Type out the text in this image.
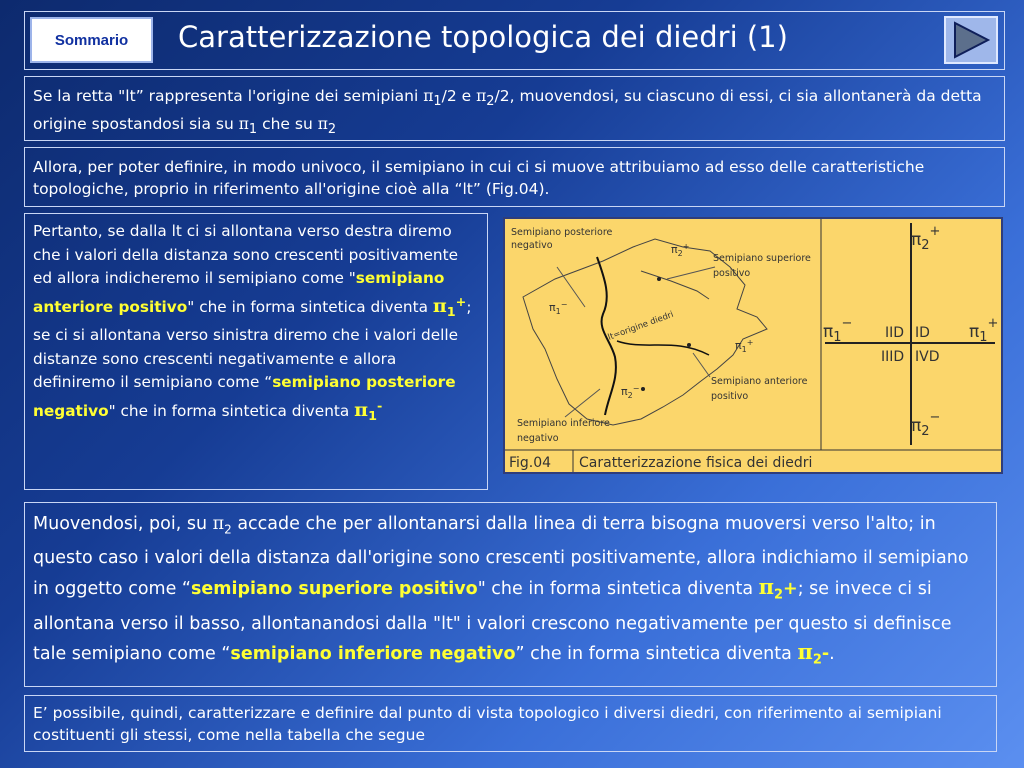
Sommario	Caratterizzazione topologica dei diedri (1)
Se la retta "lt” rappresenta l'origine dei semipiani $\pi_1/2$ e $\pi_2/2$, muovendosi, su ciascuno di essi, ci sia allontanerà da detta origine spostandosi sia su $\pi_1$ che su $\pi_2$
Allora, per poter definire, in modo univoco, il semipiano in cui ci si muove attribuiamo ad esso delle caratteristiche topologiche, proprio in riferimento all'origine cioè alla “lt” (Fig.04).
Pertanto, se dalla lt ci si allontana verso destra diremo che i valori della distanza sono crescenti positivamente ed allora indicheremo il semipiano come "semipiano anteriore positivo" che in forma sintetica diventa $\pi_1^+$; se ci si allontana verso sinistra diremo che i valori delle distanze sono crescenti negativamente e allora definiremo il semipiano come “semipiano posteriore negativo" che in forma sintetica diventa $\pi_1^-$
Semipiano posteriore
negativo
Semipiano superiore
positivo
Semipiano anteriore
positivo
Semipiano inferiore
negativo
lt=origine diedri
$\pi_2^+$
$\pi_1^-$
$\pi_1^+$
$\pi_2^-$
$\pi_2^+$
$\pi_1^-$	$\pi_1^+$
$\pi_2^-$
IID ID
IIID IVD
Fig.04 Caratterizzazione fisica dei diedri
Muovendosi, poi, su $\pi_2$ accade che per allontanarsi dalla linea di terra bisogna muoversi verso l'alto; in questo caso i valori della distanza dall'origine sono crescenti positivamente, allora indichiamo il semipiano in oggetto come “semipiano superiore positivo" che in forma sintetica diventa $\pi_2+$; se invece ci si allontana verso il basso, allontanandosi dalla "lt" i valori crescono negativamente per questo si definisce tale semipiano come “semipiano inferiore negativo” che in forma sintetica diventa $\pi_2-$.
E’ possibile, quindi, caratterizzare e definire dal punto di vista topologico i diversi diedri, con riferimento ai semipiani costituenti gli stessi, come nella tabella che segue
